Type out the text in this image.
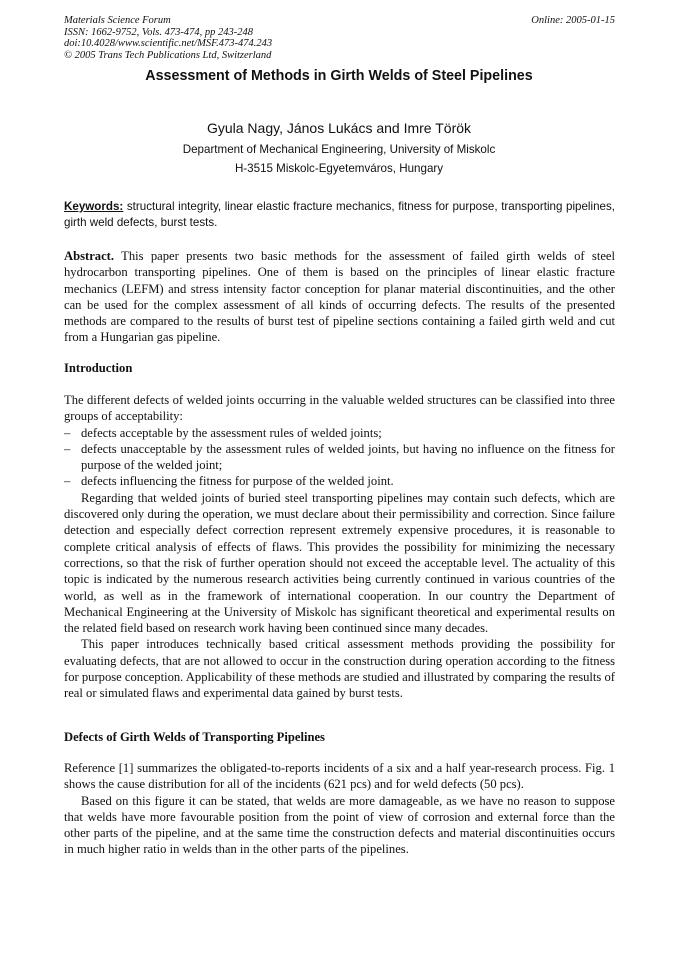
Materials Science Forum
ISSN: 1662-9752, Vols. 473-474, pp 243-248
doi:10.4028/www.scientific.net/MSF.473-474.243
© 2005 Trans Tech Publications Ltd, Switzerland
Online: 2005-01-15
Assessment of Methods in Girth Welds of Steel Pipelines
Gyula Nagy, János Lukács and Imre Török
Department of Mechanical Engineering, University of Miskolc
H-3515 Miskolc-Egyetemváros, Hungary
Keywords: structural integrity, linear elastic fracture mechanics, fitness for purpose, transporting pipelines, girth weld defects, burst tests.

Abstract. This paper presents two basic methods for the assessment of failed girth welds of steel hydrocarbon transporting pipelines. One of them is based on the principles of linear elastic fracture mechanics (LEFM) and stress intensity factor conception for planar material discontinuities, and the other can be used for the complex assessment of all kinds of occurring defects. The results of the presented methods are compared to the results of burst test of pipeline sections containing a failed girth weld and cut from a Hungarian gas pipeline.

Introduction

The different defects of welded joints occurring in the valuable welded structures can be classified into three groups of acceptability:

– defects acceptable by the assessment rules of welded joints;
– defects unacceptable by the assessment rules of welded joints, but having no influence on the fitness for purpose of the welded joint;
– defects influencing the fitness for purpose of the welded joint.

Regarding that welded joints of buried steel transporting pipelines may contain such defects, which are discovered only during the operation, we must declare about their permissibility and correction. Since failure detection and especially defect correction represent extremely expensive procedures, it is reasonable to complete critical analysis of effects of flaws. This provides the possibility for minimizing the necessary corrections, so that the risk of further operation should not exceed the acceptable level. The actuality of this topic is indicated by the numerous research activities being currently continued in various countries of the world, as well as in the framework of international cooperation. In our country the Department of Mechanical Engineering at the University of Miskolc has significant theoretical and experimental results on the related field based on research work having been continued since many decades.

This paper introduces technically based critical assessment methods providing the possibility for evaluating defects, that are not allowed to occur in the construction during operation according to the fitness for purpose conception. Applicability of these methods are studied and illustrated by comparing the results of real or simulated flaws and experimental data gained by burst tests.

Defects of Girth Welds of Transporting Pipelines

Reference [1] summarizes the obligated-to-reports incidents of a six and a half year-research process. Fig. 1 shows the cause distribution for all of the incidents (621 pcs) and for weld defects (50 pcs).

Based on this figure it can be stated, that welds are more damageable, as we have no reason to suppose that welds have more favourable position from the point of view of corrosion and external force than the other parts of the pipeline, and at the same time the construction defects and material discontinuities occurs in much higher ratio in welds than in the other parts of the pipelines.
